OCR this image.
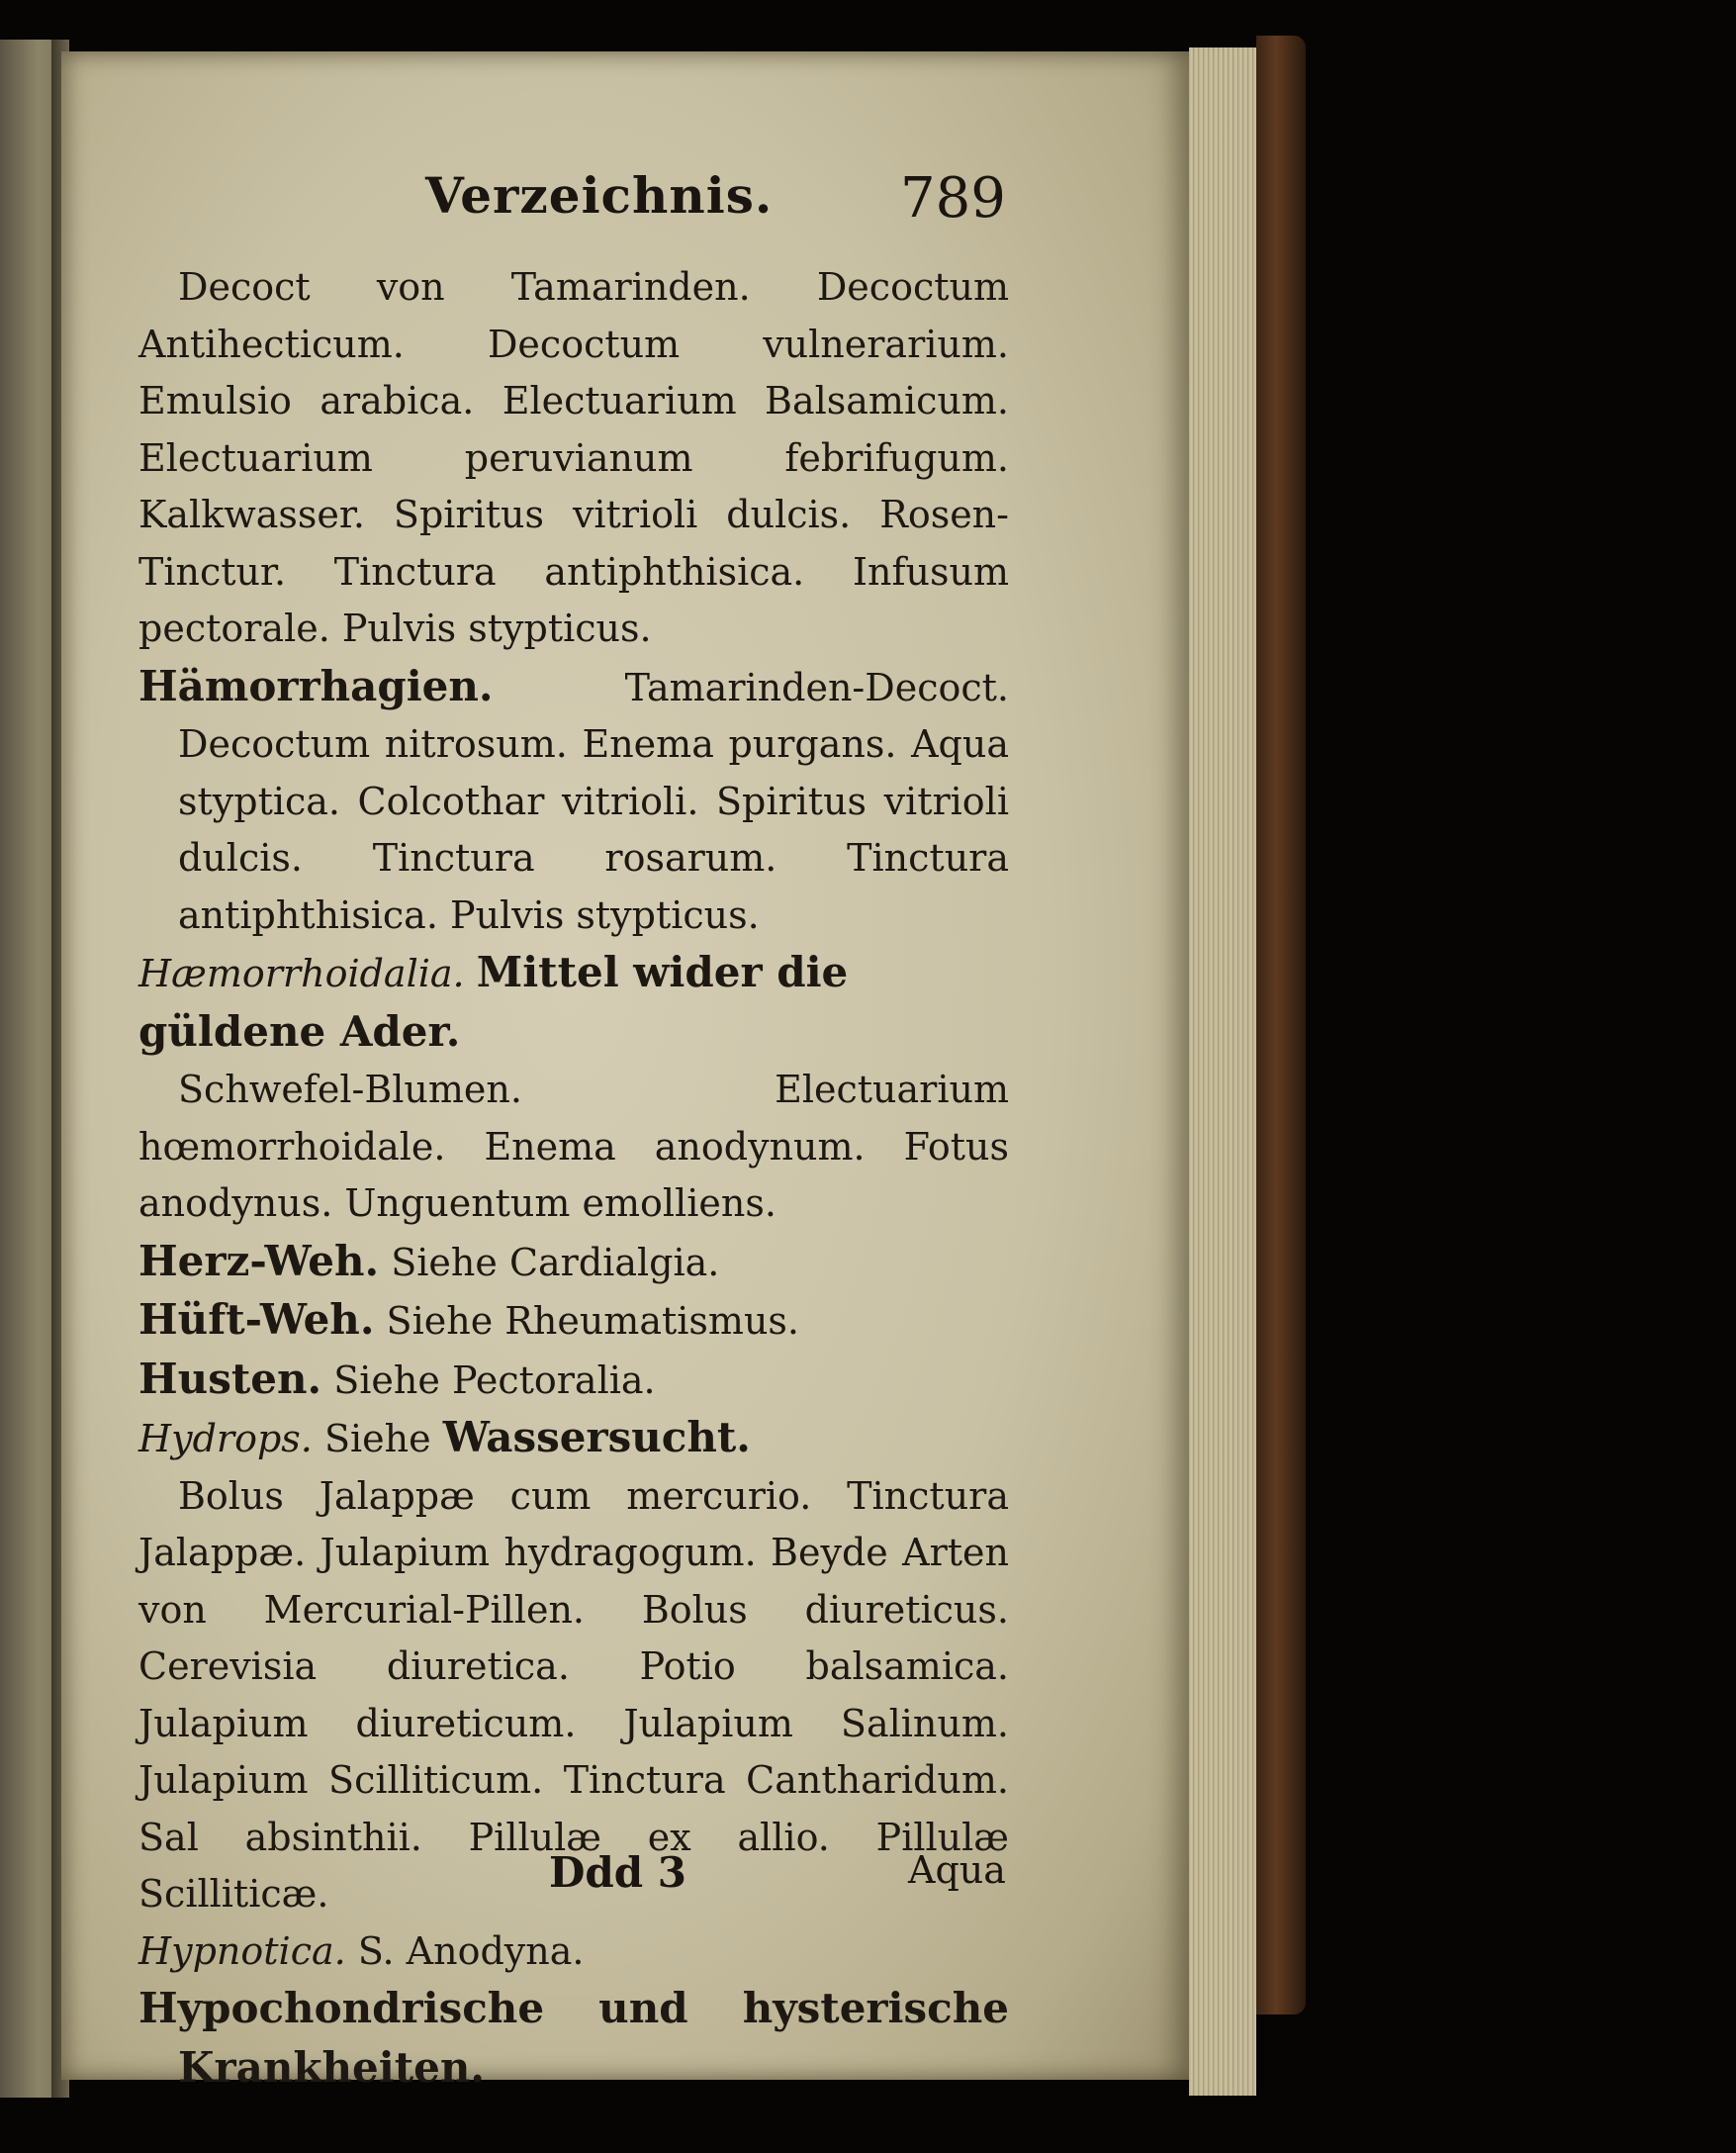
Verzeichnis. 789

Decoct von Tamarinden. Decoctum Antihecticum. Decoctum vulnerarium. Emulsio arabica. Electuarium Balsamicum. Electuarium peruvianum febrifugum. Kalkwasser. Spiritus vitrioli dulcis. Rosen-Tinctur. Tinctura antiphthisica. Infusum pectorale. Pulvis stypticus.

Hämorrhagien.	Tamarinden-Decoct. Decoctum nitrosum. Enema purgans. Aqua styptica. Colcothar vitrioli. Spiritus vitrioli dulcis. Tinctura rosarum. Tinctura antiphthisica. Pulvis stypticus.

Hæmorrhoidalia. Mittel wider die güldene Ader.

Schwefel-Blumen. Electuarium hœmorrhoidale. Enema anodynum. Fotus anodynus. Unguentum emolliens.

Herz-Weh. Siehe Cardialgia.

Hüft-Weh. Siehe Rheumatismus.

Husten. Siehe Pectoralia.

Hydrops. Siehe Wassersucht.

Bolus Jalappæ cum mercurio. Tinctura Jalappæ. Julapium hydragogum. Beyde Arten von Mercurial-Pillen. Bolus diureticus. Cerevisia diuretica. Potio balsamica. Julapium diureticum. Julapium Salinum. Julapium Scilliticum. Tinctura Cantharidum. Sal absinthii. Pillulæ ex allio. Pillulæ Scilliticæ.

Hypnotica. S. Anodyna.

Hypochondrische und hysterische Krankheiten.

Ddd 3	Aqua
